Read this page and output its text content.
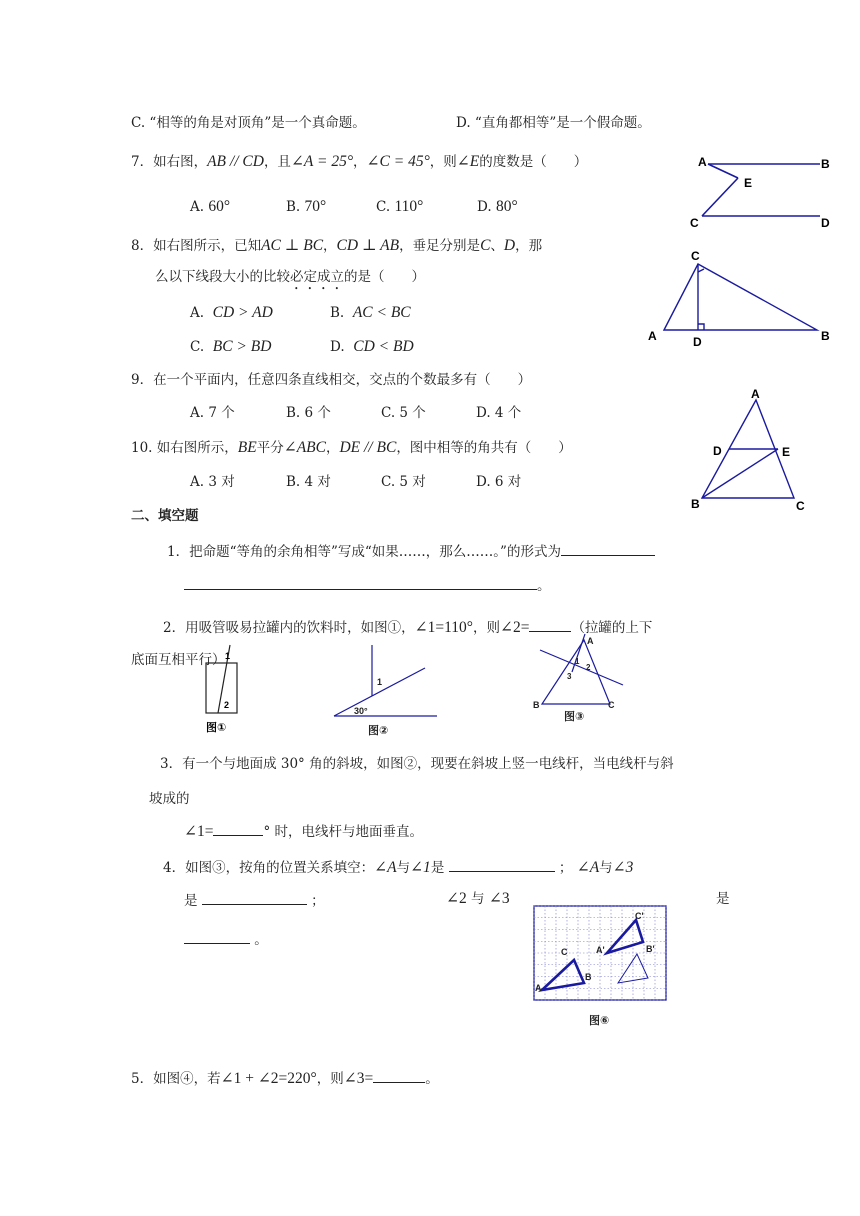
C. “相等的角是对顶角”是一个真命题。	D. “直角都相等”是一个假命题。
7．如右图，AB // CD，且∠A = 25°，∠C = 45°，则∠E的度数是（　　）
A. 60°	B. 70°	C. 110°	D. 80°
A	B
E
C	D
8．如右图所示，已知AC ⊥ BC，CD ⊥ AB，垂足分别是C、D，那
么以下线段大小的比较必定成立的是（　　）
A. CD > AD	B. AC < BC
C. BC > BD	D. CD < BD
C
A	D	B
9．在一个平面内，任意四条直线相交，交点的个数最多有（　　）
A. 7 个	B. 6 个	C. 5 个	D. 4 个
10. 如右图所示，BE平分∠ABC，DE // BC，图中相等的角共有（　　）
A. 3 对	B. 4 对	C. 5 对	D. 6 对
A
D	E
B	C
二、填空题
1．把命题“等角的余角相等”写成“如果……，那么……。”的形式为
。
2．用吸管吸易拉罐内的饮料时，如图①，∠1=110°，则∠2=	（拉罐的上下
底面互相平行） 1
2
图①
1
30°
图②
A
1
2
3
B	C
图③
3．有一个与地面成 30° 角的斜坡，如图②，现要在斜坡上竖一电线杆，当电线杆与斜
坡成的
∠1=	° 时，电线杆与地面垂直。
4．如图③，按角的位置关系填空：∠A与∠1是	； ∠A与∠3
是	；	∠2 与 ∠3	是
。
A
B
C	A'	B'
C'
图⑥
5．如图④，若∠1 + ∠2=220°，则∠3=	。
